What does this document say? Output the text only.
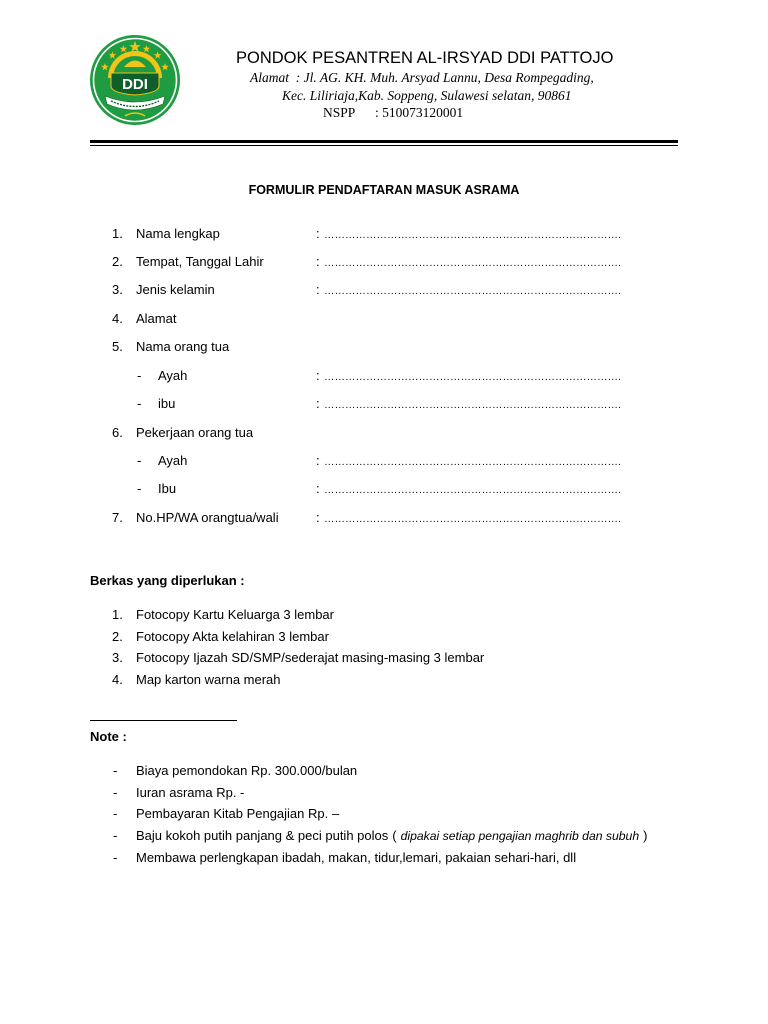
DDI
PONDOK PESANTREN AL-IRSYAD DDI PATTOJO
Alamat  : Jl. AG. KH. Muh. Arsyad Lannu, Desa Rompegading,
Kec. Liliriaja,Kab. Soppeng, Sulawesi selatan, 90861
NSPP      : 510073120001
FORMULIR PENDAFTARAN MASUK ASRAMA
1. Nama lengkap	: ………………………………………………………………………….
2. Tempat, Tanggal Lahir	: ………………………………………………………………………….
3. Jenis kelamin	: ………………………………………………………………………….
4. Alamat
5. Nama orang tua
- Ayah	: ………………………………………………………………………….
- ibu	: ………………………………………………………………………….
6. Pekerjaan orang tua
- Ayah	: ………………………………………………………………………….
- Ibu	: ………………………………………………………………………….
7. No.HP/WA orangtua/wali	: ………………………………………………………………………….
Berkas yang diperlukan :
1. Fotocopy Kartu Keluarga 3 lembar
2. Fotocopy Akta kelahiran 3 lembar
3. Fotocopy Ijazah SD/SMP/sederajat masing-masing 3 lembar
4. Map karton warna merah
Note :
- Biaya pemondokan Rp. 300.000/bulan
- Iuran asrama Rp. -
- Pembayaran Kitab Pengajian Rp. –
- Baju kokoh putih panjang & peci putih polos ( dipakai setiap pengajian maghrib dan subuh )
- Membawa perlengkapan ibadah, makan, tidur,lemari, pakaian sehari-hari, dll
